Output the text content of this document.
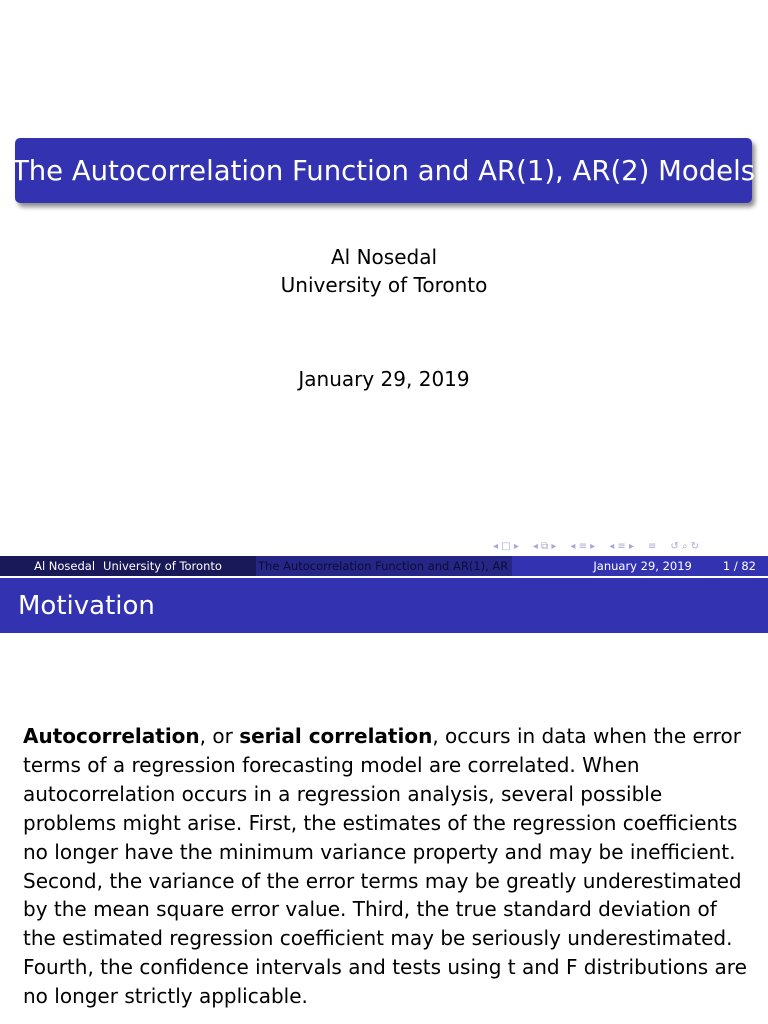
The Autocorrelation Function and AR(1), AR(2) Models
Al Nosedal
University of Toronto
January 29, 2019
◂ □ ▸ ◂ ⧉ ▸ ◂ ≡ ▸ ◂ ≡ ▸ ≡ ↺ ⌕ ↻
Al Nosedal University of Toronto	The Autocorrelation Function and AR(1), AR	January 29, 2019	1 / 82
Motivation
Autocorrelation, or serial correlation, occurs in data when the error terms of a regression forecasting model are correlated. When autocorrelation occurs in a regression analysis, several possible problems might arise. First, the estimates of the regression coefficients no longer have the minimum variance property and may be inefficient. Second, the variance of the error terms may be greatly underestimated by the mean square error value. Third, the true standard deviation of the estimated regression coefficient may be seriously underestimated. Fourth, the confidence intervals and tests using t and F distributions are no longer strictly applicable.
